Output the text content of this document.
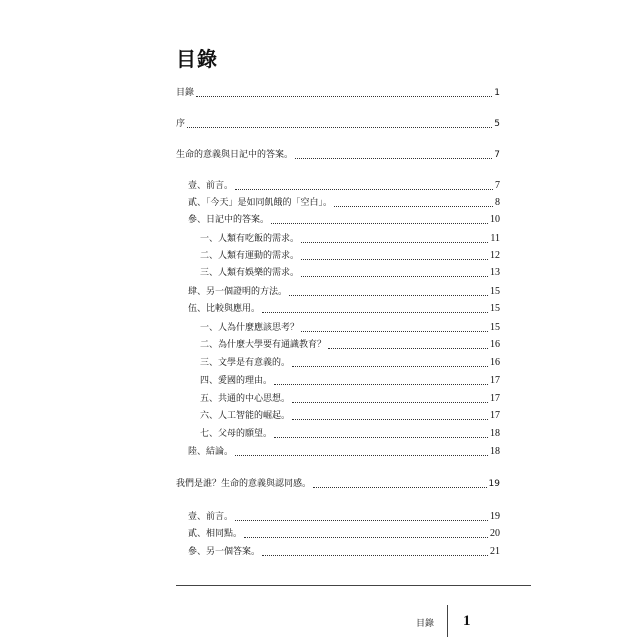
目錄
目錄	1
序	5
生命的意義與日記中的答案。	7
壹、前言。	7
貳、「今天」是如同飢餓的「空白」。	8
參、日記中的答案。	10
一、人類有吃飯的需求。	11
二、人類有運動的需求。	12
三、人類有娛樂的需求。	13
肆、另一個證明的方法。	15
伍、比較與應用。	15
一、人為什麼應該思考？	15
二、為什麼大學要有通識教育？	16
三、文學是有意義的。	16
四、愛國的理由。	17
五、共通的中心思想。	17
六、人工智能的崛起。	17
七、父母的願望。	18
陸、結論。	18
我們是誰？生命的意義與認同感。	19
壹、前言。	19
貳、相同點。	20
參、另一個答案。	21
目錄 1
